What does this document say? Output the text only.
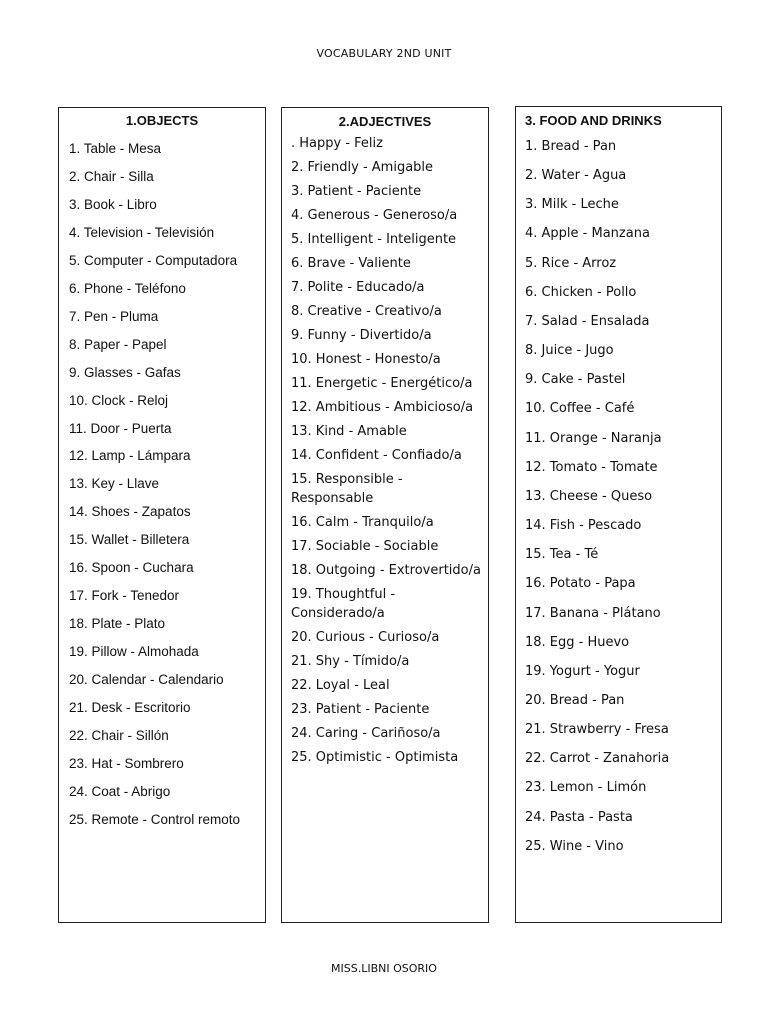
VOCABULARY 2ND UNIT
1.OBJECTS
1. Table - Mesa
2. Chair - Silla
3. Book - Libro
4. Television - Televisión
5. Computer - Computadora
6. Phone - Teléfono
7. Pen - Pluma
8. Paper - Papel
9. Glasses - Gafas
10. Clock - Reloj
11. Door - Puerta
12. Lamp - Lámpara
13. Key - Llave
14. Shoes - Zapatos
15. Wallet - Billetera
16. Spoon - Cuchara
17. Fork - Tenedor
18. Plate - Plato
19. Pillow - Almohada
20. Calendar - Calendario
21. Desk - Escritorio
22. Chair - Sillón
23. Hat - Sombrero
24. Coat - Abrigo
25. Remote - Control remoto
2.ADJECTIVES
. Happy - Feliz
2. Friendly - Amigable
3. Patient - Paciente
4. Generous - Generoso/a
5. Intelligent - Inteligente
6. Brave - Valiente
7. Polite - Educado/a
8. Creative - Creativo/a
9. Funny - Divertido/a
10. Honest - Honesto/a
11. Energetic - Energético/a
12. Ambitious - Ambicioso/a
13. Kind - Amable
14. Confident - Confiado/a
15. Responsible - Responsable
16. Calm - Tranquilo/a
17. Sociable - Sociable
18. Outgoing - Extrovertido/a
19. Thoughtful - Considerado/a
20. Curious - Curioso/a
21. Shy - Tímido/a
22. Loyal - Leal
23. Patient - Paciente
24. Caring - Cariñoso/a
25. Optimistic - Optimista
3. FOOD AND DRINKS
1. Bread - Pan
2. Water - Agua
3. Milk - Leche
4. Apple - Manzana
5. Rice - Arroz
6. Chicken - Pollo
7. Salad - Ensalada
8. Juice - Jugo
9. Cake - Pastel
10. Coffee - Café
11. Orange - Naranja
12. Tomato - Tomate
13. Cheese - Queso
14. Fish - Pescado
15. Tea - Té
16. Potato - Papa
17. Banana - Plátano
18. Egg - Huevo
19. Yogurt - Yogur
20. Bread - Pan
21. Strawberry - Fresa
22. Carrot - Zanahoria
23. Lemon - Limón
24. Pasta - Pasta
25. Wine - Vino
MISS.LIBNI OSORIO
